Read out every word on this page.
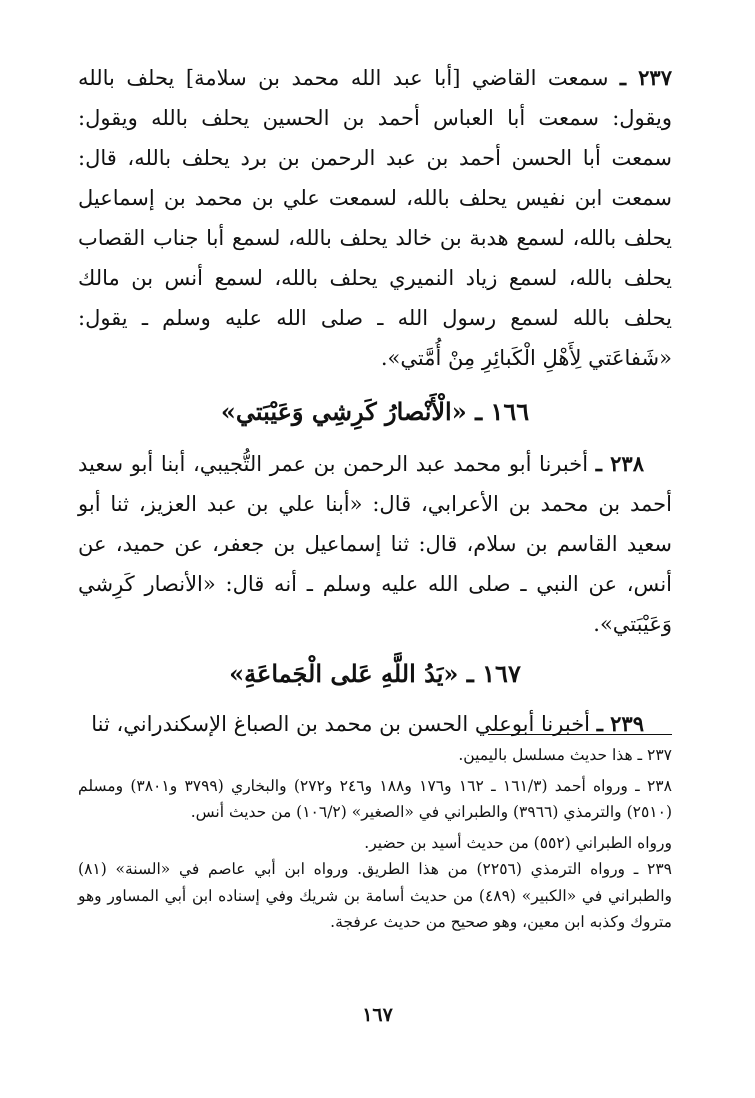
٢٣٧ ـ سمعت القاضي [أبا عبد الله محمد بن سلامة] يحلف بالله ويقول: سمعت أبا العباس أحمد بن الحسين يحلف بالله ويقول: سمعت أبا الحسن أحمد بن عبد الرحمن بن برد يحلف بالله، قال: سمعت ابن نفيس يحلف بالله، لسمعت علي بن محمد بن إسماعيل يحلف بالله، لسمع هدبة بن خالد يحلف بالله، لسمع أبا جناب القصاب يحلف بالله، لسمع زياد النميري يحلف بالله، لسمع أنس بن مالك يحلف بالله لسمع رسول الله ـ صلى الله عليه وسلم ـ يقول: «شَفاعَتي لِأَهْلِ الْكَبائِرِ مِنْ أُمَّتي».

١٦٦ ـ «الْأَنْصارُ كَرِشِي وَعَيْبَتي»

٢٣٨ ـ أخبرنا أبو محمد عبد الرحمن بن عمر التُّجيبي، أبنا أبو سعيد أحمد بن محمد بن الأعرابي، قال: «أبنا علي بن عبد العزيز، ثنا أبو سعيد القاسم بن سلام، قال: ثنا إسماعيل بن جعفر، عن حميد، عن أنس، عن النبي ـ صلى الله عليه وسلم ـ أنه قال: «الأنصار كَرِشي وَعَيْبَتي».

١٦٧ ـ «يَدُ اللَّهِ عَلى الْجَماعَةِ»

٢٣٩ ـ أخبرنا أبوعلي الحسن بن محمد بن الصباغ الإسكندراني، ثنا

٢٣٧ ـ هذا حديث مسلسل باليمين.

٢٣٨ ـ ورواه أحمد (١٦١/٣ ـ ١٦٢ و١٧٦ و١٨٨ و٢٤٦ و٢٧٢) والبخاري (٣٧٩٩ و٣٨٠١) ومسلم (٢٥١٠) والترمذي (٣٩٦٦) والطبراني في «الصغير» (١٠٦/٢) من حديث أنس.

ورواه الطبراني (٥٥٢) من حديث أسيد بن حضير.

٢٣٩ ـ ورواه الترمذي (٢٢٥٦) من هذا الطريق. ورواه ابن أبي عاصم في «السنة» (٨١) والطبراني في «الكبير» (٤٨٩) من حديث أسامة بن شريك وفي إسناده ابن أبي المساور وهو متروك وكذبه ابن معين، وهو صحيح من حديث عرفجة.

١٦٧
